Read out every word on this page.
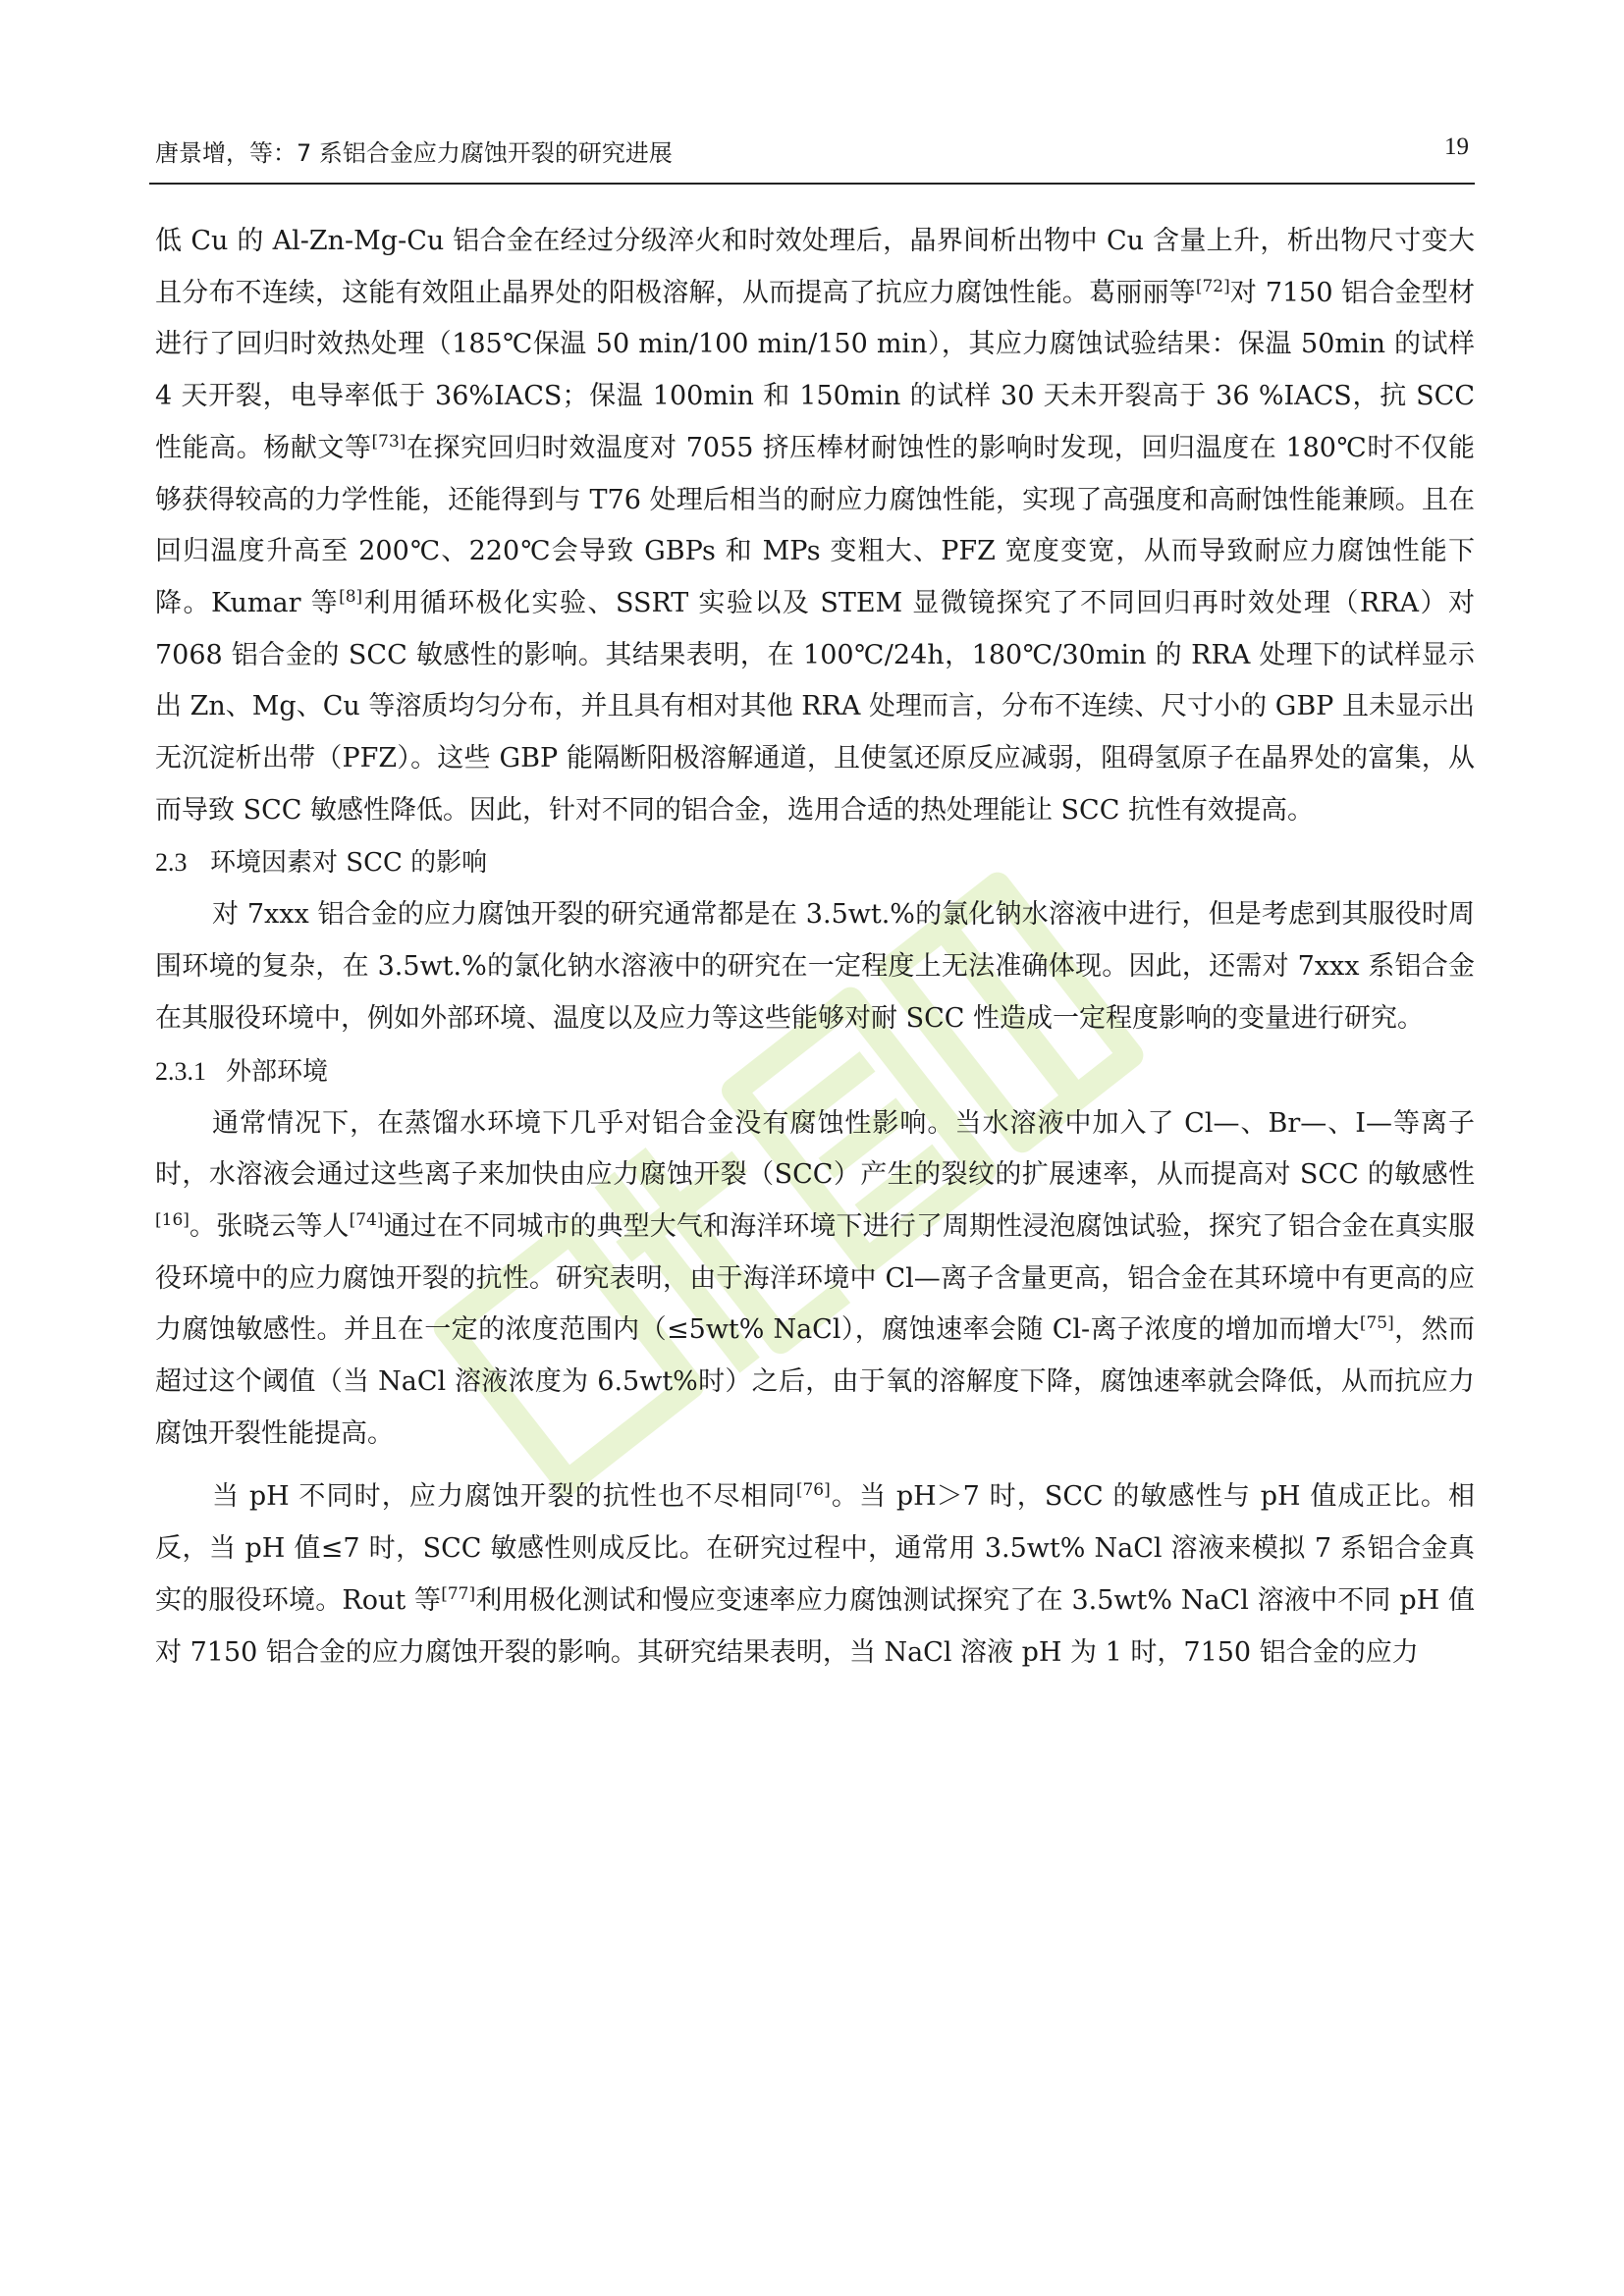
唐景增，等：7 系铝合金应力腐蚀开裂的研究进展	19

低 Cu 的 Al-Zn-Mg-Cu 铝合金在经过分级淬火和时效处理后，晶界间析出物中 Cu 含量上升，析出物尺寸变大且分布不连续，这能有效阻止晶界处的阳极溶解，从而提高了抗应力腐蚀性能。葛丽丽等[72]对 7150 铝合金型材进行了回归时效热处理（185℃保温 50 min/100 min/150 min），其应力腐蚀试验结果：保温 50min 的试样 4 天开裂，电导率低于 36%IACS；保温 100min 和 150min 的试样 30 天未开裂高于 36 %IACS，抗 SCC 性能高。杨献文等[73]在探究回归时效温度对 7055 挤压棒材耐蚀性的影响时发现，回归温度在 180℃时不仅能够获得较高的力学性能，还能得到与 T76 处理后相当的耐应力腐蚀性能，实现了高强度和高耐蚀性能兼顾。且在回归温度升高至 200℃、220℃会导致 GBPs 和 MPs 变粗大、PFZ 宽度变宽，从而导致耐应力腐蚀性能下降。Kumar 等[8]利用循环极化实验、SSRT 实验以及 STEM 显微镜探究了不同回归再时效处理（RRA）对 7068 铝合金的 SCC 敏感性的影响。其结果表明，在 100℃/24h，180℃/30min 的 RRA 处理下的试样显示出 Zn、Mg、Cu 等溶质均匀分布，并且具有相对其他 RRA 处理而言，分布不连续、尺寸小的 GBP 且未显示出无沉淀析出带（PFZ）。这些 GBP 能隔断阳极溶解通道，且使氢还原反应减弱，阻碍氢原子在晶界处的富集，从而导致 SCC 敏感性降低。因此，针对不同的铝合金，选用合适的热处理能让 SCC 抗性有效提高。

2.3 环境因素对 SCC 的影响

对 7xxx 铝合金的应力腐蚀开裂的研究通常都是在 3.5wt.%的氯化钠水溶液中进行，但是考虑到其服役时周围环境的复杂，在 3.5wt.%的氯化钠水溶液中的研究在一定程度上无法准确体现。因此，还需对 7xxx 系铝合金在其服役环境中，例如外部环境、温度以及应力等这些能够对耐 SCC 性造成一定程度影响的变量进行研究。

2.3.1 外部环境

通常情况下，在蒸馏水环境下几乎对铝合金没有腐蚀性影响。当水溶液中加入了 Cl—、Br—、I—等离子时，水溶液会通过这些离子来加快由应力腐蚀开裂（SCC）产生的裂纹的扩展速率，从而提高对 SCC 的敏感性[16]。张晓云等人[74]通过在不同城市的典型大气和海洋环境下进行了周期性浸泡腐蚀试验，探究了铝合金在真实服役环境中的应力腐蚀开裂的抗性。研究表明，由于海洋环境中 Cl—离子含量更高，铝合金在其环境中有更高的应力腐蚀敏感性。并且在一定的浓度范围内（≤5wt% NaCl），腐蚀速率会随 Cl-离子浓度的增加而增大[75]，然而超过这个阈值（当 NaCl 溶液浓度为 6.5wt%时）之后，由于氧的溶解度下降，腐蚀速率就会降低，从而抗应力腐蚀开裂性能提高。

当 pH 不同时，应力腐蚀开裂的抗性也不尽相同[76]。当 pH＞7 时，SCC 的敏感性与 pH 值成正比。相反，当 pH 值≤7 时，SCC 敏感性则成反比。在研究过程中，通常用 3.5wt% NaCl 溶液来模拟 7 系铝合金真实的服役环境。Rout 等[77]利用极化测试和慢应变速率应力腐蚀测试探究了在 3.5wt% NaCl 溶液中不同 pH 值对 7150 铝合金的应力腐蚀开裂的影响。其研究结果表明，当 NaCl 溶液 pH 为 1 时，7150 铝合金的应力
